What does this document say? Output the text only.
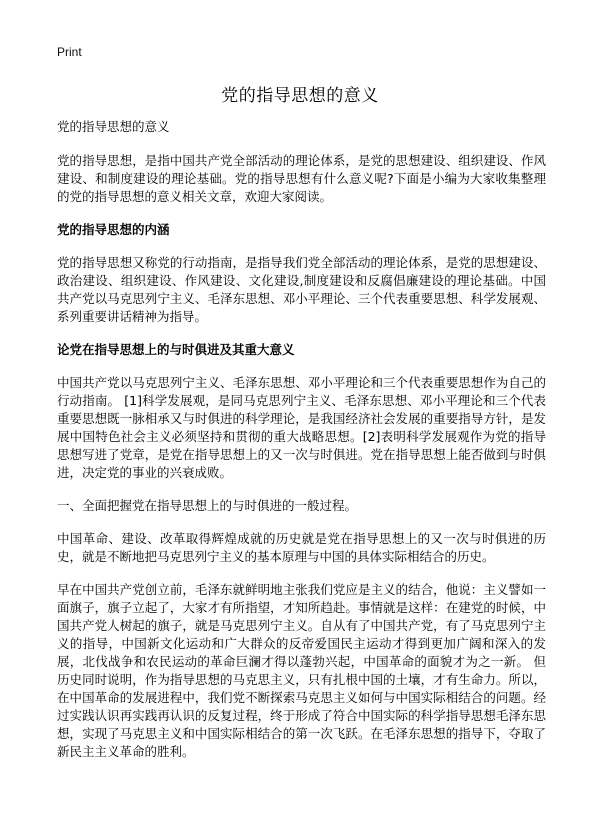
Print
党的指导思想的意义

党的指导思想的意义

党的指导思想，是指中国共产党全部活动的理论体系，是党的思想建设、组织建设、作风建设、和制度建设的理论基础。党的指导思想有什么意义呢?下面是小编为大家收集整理的党的指导思想的意义相关文章，欢迎大家阅读。

党的指导思想的内涵

党的指导思想又称党的行动指南，是指导我们党全部活动的理论体系，是党的思想建设、政治建设、组织建设、作风建设、文化建设,制度建设和反腐倡廉建设的理论基础。中国共产党以马克思列宁主义、毛泽东思想、邓小平理论、三个代表重要思想、科学发展观、系列重要讲话精神为指导。

论党在指导思想上的与时俱进及其重大意义

中国共产党以马克思列宁主义、毛泽东思想、邓小平理论和三个代表重要思想作为自己的行动指南。 [1]科学发展观，是同马克思列宁主义、毛泽东思想、邓小平理论和三个代表重要思想既一脉相承又与时俱进的科学理论，是我国经济社会发展的重要指导方针，是发展中国特色社会主义必须坚持和贯彻的重大战略思想。[2]表明科学发展观作为党的指导思想写进了党章，是党在指导思想上的又一次与时俱进。党在指导思想上能否做到与时俱进，决定党的事业的兴衰成败。

一、全面把握党在指导思想上的与时俱进的一般过程。

中国革命、建设、改革取得辉煌成就的历史就是党在指导思想上的又一次与时俱进的历史，就是不断地把马克思列宁主义的基本原理与中国的具体实际相结合的历史。

早在中国共产党创立前，毛泽东就鲜明地主张我们党应是主义的结合，他说：主义譬如一面旗子，旗子立起了，大家才有所指望，才知所趋赴。事情就是这样：在建党的时候，中国共产党人树起的旗子，就是马克思列宁主义。自从有了中国共产党，有了马克思列宁主义的指导，中国新文化运动和广大群众的反帝爱国民主运动才得到更加广阔和深入的发展，北伐战争和农民运动的革命巨澜才得以蓬勃兴起，中国革命的面貌才为之一新。 但历史同时说明，作为指导思想的马克思主义，只有扎根中国的土壤，才有生命力。所以，在中国革命的发展进程中，我们党不断探索马克思主义如何与中国实际相结合的问题。经过实践认识再实践再认识的反复过程，终于形成了符合中国实际的科学指导思想毛泽东思想，实现了马克思主义和中国实际相结合的第一次飞跃。在毛泽东思想的指导下，夺取了新民主主义革命的胜利。
